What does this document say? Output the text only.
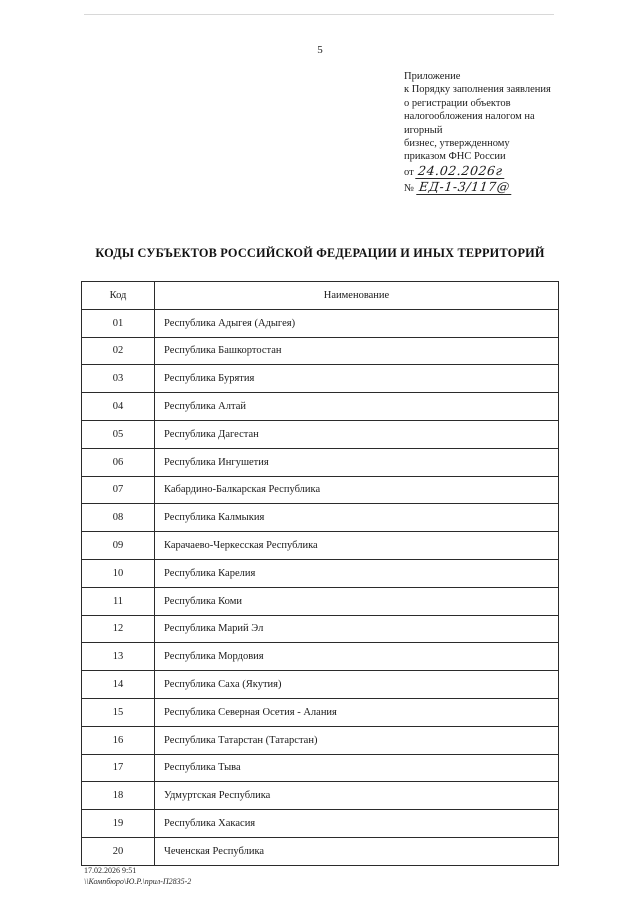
5
Приложение
к Порядку заполнения заявления
о регистрации объектов
налогообложения налогом на
игорный
бизнес, утвержденному
приказом ФНС России
от 24.02.2026г
№ ЕД-1-3/117@
КОДЫ СУБЪЕКТОВ РОССИЙСКОЙ ФЕДЕРАЦИИ И ИНЫХ ТЕРРИТОРИЙ
Код	Наименование
01	Республика Адыгея (Адыгея)
02	Республика Башкортостан
03	Республика Бурятия
04	Республика Алтай
05	Республика Дагестан
06	Республика Ингушетия
07	Кабардино-Балкарская Республика
08	Республика Калмыкия
09	Карачаево-Черкесская Республика
10	Республика Карелия
11	Республика Коми
12	Республика Марий Эл
13	Республика Мордовия
14	Республика Саха (Якутия)
15	Республика Северная Осетия - Алания
16	Республика Татарстан (Татарстан)
17	Республика Тыва
18	Удмуртская Республика
19	Республика Хакасия
20	Чеченская Республика
17.02.2026 9:51
\\Компбюро\Ю.Р.\прил-П2835-2
